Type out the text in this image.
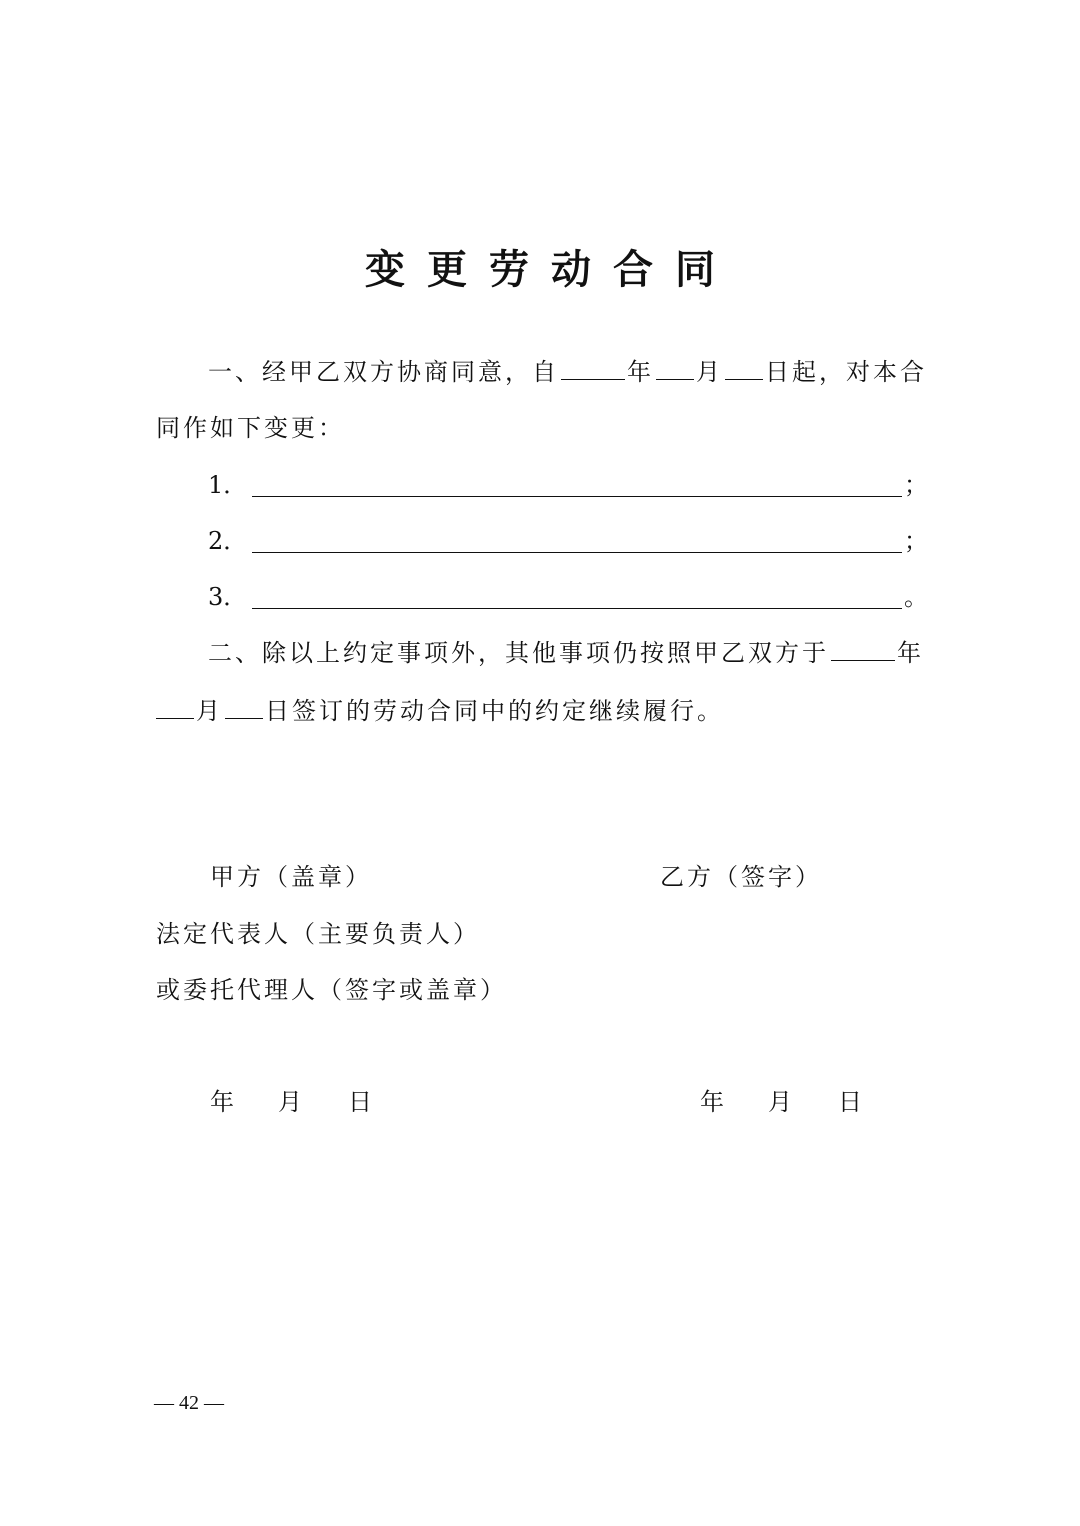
变更劳动合同
一、经甲乙双方协商同意，自	年 月 日起，对本合
同作如下变更：
1．	；
2．	；
3．	。
二、除以上约定事项外，其他事项仍按照甲乙双方于	年
月 日签订的劳动合同中的约定继续履行。
甲方（盖章）	乙方（签字）
法定代表人（主要负责人）
或委托代理人（签字或盖章）
年 月 日	年 月 日
— 42 —
